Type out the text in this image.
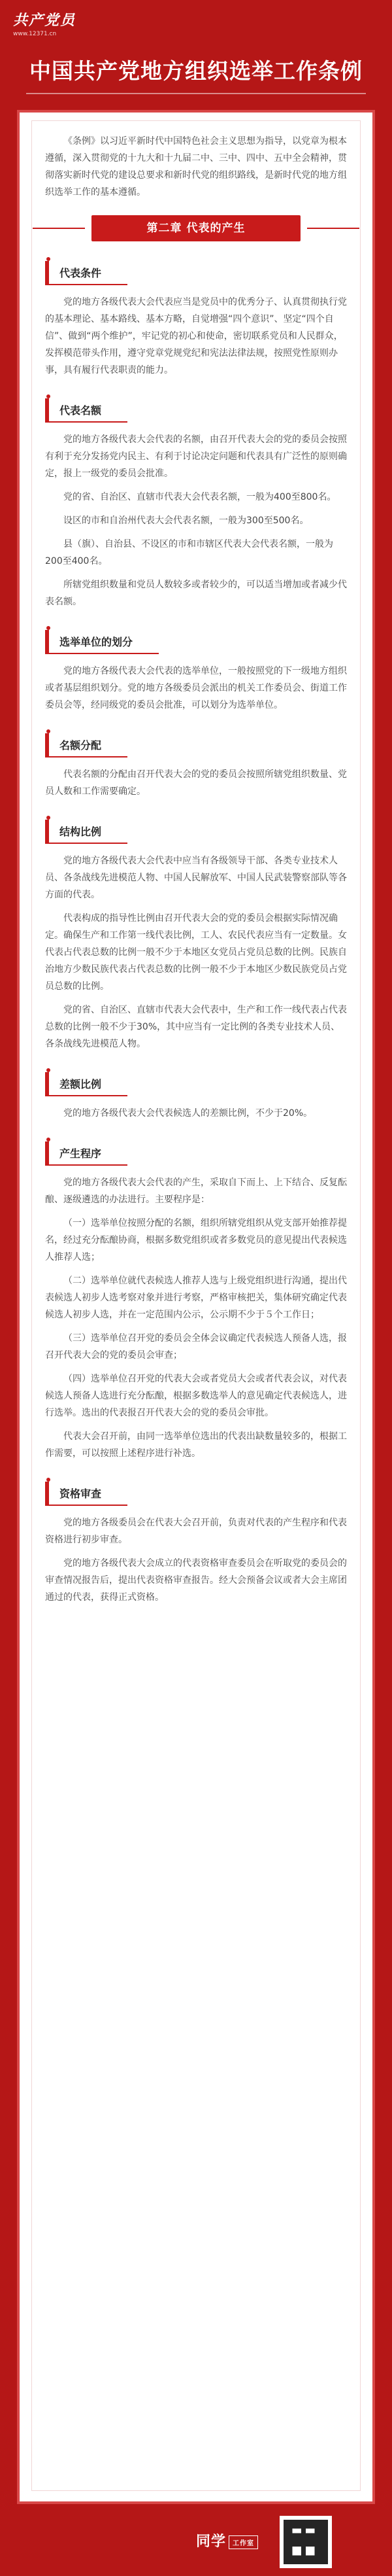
共产党员
www.12371.cn
中国共产党地方组织选举工作条例

《条例》以习近平新时代中国特色社会主义思想为指导，以党章为根本遵循，深入贯彻党的十九大和十九届二中、三中、四中、五中全会精神，贯彻落实新时代党的建设总要求和新时代党的组织路线，是新时代党的地方组织选举工作的基本遵循。

第二章 代表的产生
代表条件

党的地方各级代表大会代表应当是党员中的优秀分子、认真贯彻执行党的基本理论、基本路线、基本方略，自觉增强“四个意识”、坚定“四个自信”、做到“两个维护”，牢记党的初心和使命，密切联系党员和人民群众，发挥模范带头作用，遵守党章党规党纪和宪法法律法规，按照党性原则办事，具有履行代表职责的能力。

代表名额

党的地方各级代表大会代表的名额，由召开代表大会的党的委员会按照有利于充分发扬党内民主、有利于讨论决定问题和代表具有广泛性的原则确定，报上一级党的委员会批准。

党的省、自治区、直辖市代表大会代表名额，一般为400至800名。

设区的市和自治州代表大会代表名额，一般为300至500名。

县（旗）、自治县、不设区的市和市辖区代表大会代表名额，一般为200至400名。

所辖党组织数量和党员人数较多或者较少的，可以适当增加或者减少代表名额。

选举单位的划分

党的地方各级代表大会代表的选举单位，一般按照党的下一级地方组织或者基层组织划分。党的地方各级委员会派出的机关工作委员会、街道工作委员会等，经同级党的委员会批准，可以划分为选举单位。

名额分配

代表名额的分配由召开代表大会的党的委员会按照所辖党组织数量、党员人数和工作需要确定。

结构比例

党的地方各级代表大会代表中应当有各级领导干部、各类专业技术人员、各条战线先进模范人物、中国人民解放军、中国人民武装警察部队等各方面的代表。

代表构成的指导性比例由召开代表大会的党的委员会根据实际情况确定。确保生产和工作第一线代表比例，工人、农民代表应当有一定数量。女代表占代表总数的比例一般不少于本地区女党员占党员总数的比例。民族自治地方少数民族代表占代表总数的比例一般不少于本地区少数民族党员占党员总数的比例。

党的省、自治区、直辖市代表大会代表中，生产和工作一线代表占代表总数的比例一般不少于30%，其中应当有一定比例的各类专业技术人员、各条战线先进模范人物。

差额比例

党的地方各级代表大会代表候选人的差额比例，不少于20%。

产生程序

党的地方各级代表大会代表的产生，采取自下而上、上下结合、反复酝酿、逐级遴选的办法进行。主要程序是：

（一）选举单位按照分配的名额，组织所辖党组织从党支部开始推荐提名，经过充分酝酿协商，根据多数党组织或者多数党员的意见提出代表候选人推荐人选；

（二）选举单位就代表候选人推荐人选与上级党组织进行沟通，提出代表候选人初步人选考察对象并进行考察，严格审核把关，集体研究确定代表候选人初步人选，并在一定范围内公示，公示期不少于５个工作日；

（三）选举单位召开党的委员会全体会议确定代表候选人预备人选，报召开代表大会的党的委员会审查；

（四）选举单位召开党的代表大会或者党员大会或者代表会议，对代表候选人预备人选进行充分酝酿，根据多数选举人的意见确定代表候选人，进行选举。选出的代表报召开代表大会的党的委员会审批。

代表大会召开前，由同一选举单位选出的代表出缺数量较多的，根据工作需要，可以按照上述程序进行补选。

资格审查

党的地方各级委员会在代表大会召开前，负责对代表的产生程序和代表资格进行初步审查。

党的地方各级代表大会成立的代表资格审查委员会在听取党的委员会的审查情况报告后，提出代表资格审查报告。经大会预备会议或者大会主席团通过的代表，获得正式资格。

同学 工作室
